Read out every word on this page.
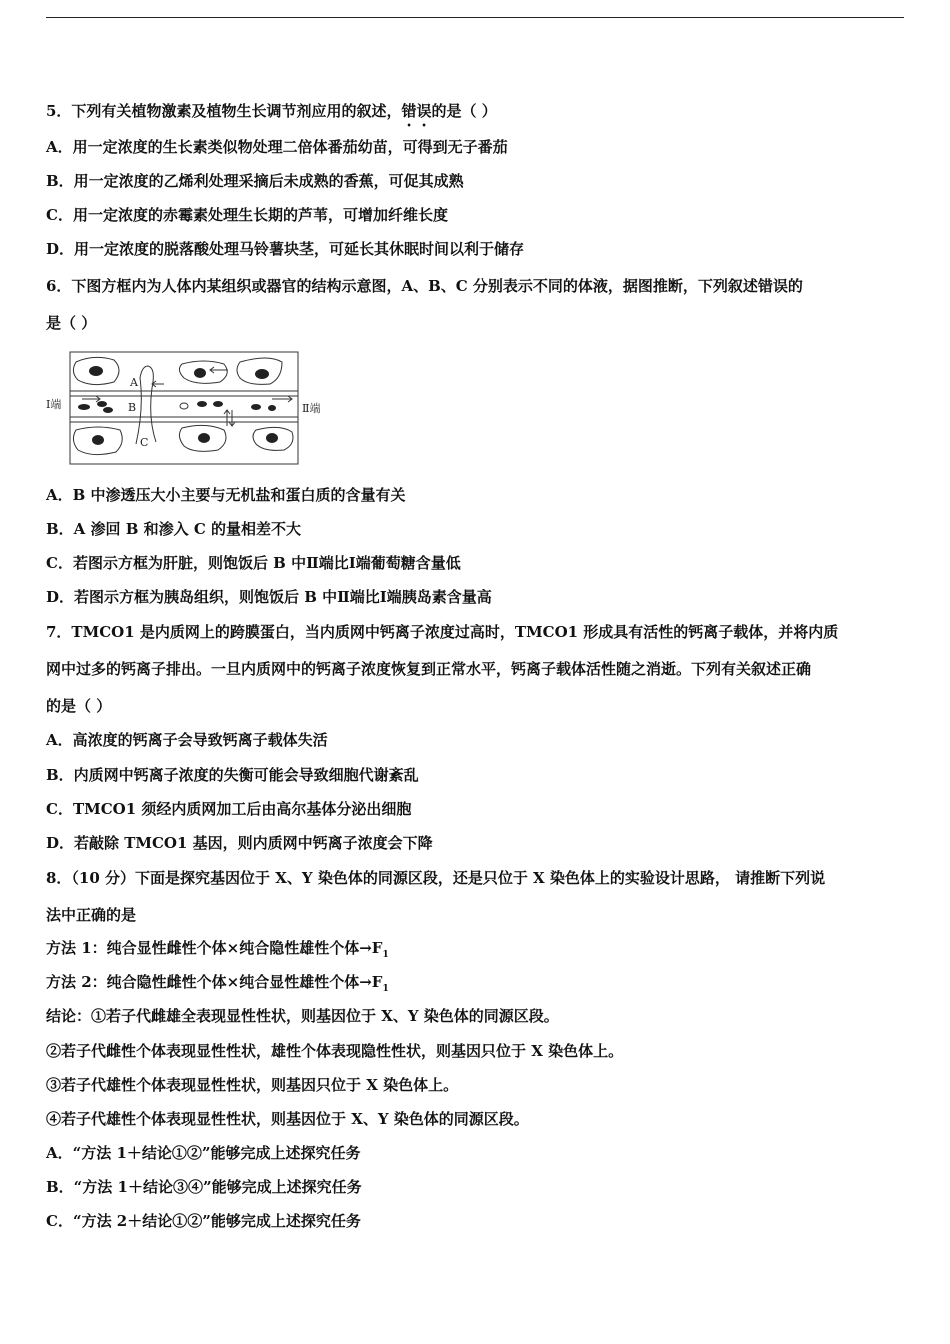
5．下列有关植物激素及植物生长调节剂应用的叙述，错误的是（ ）
A．用一定浓度的生长素类似物处理二倍体番茄幼苗，可得到无子番茄
B．用一定浓度的乙烯利处理采摘后未成熟的香蕉，可促其成熟
C．用一定浓度的赤霉素处理生长期的芦苇，可增加纤维长度
D．用一定浓度的脱落酸处理马铃薯块茎，可延长其休眠时间以利于储存
6．下图方框内为人体内某组织或器官的结构示意图，A、B、C 分别表示不同的体液，据图推断，下列叙述错误的
是（ ）
Ⅰ端	Ⅱ端
A
B
C
A．B 中渗透压大小主要与无机盐和蛋白质的含量有关
B．A 渗回 B 和渗入 C 的量相差不大
C．若图示方框为肝脏，则饱饭后 B 中Ⅱ端比Ⅰ端葡萄糖含量低
D．若图示方框为胰岛组织，则饱饭后 B 中Ⅱ端比Ⅰ端胰岛素含量高
7．TMCO1 是内质网上的跨膜蛋白，当内质网中钙离子浓度过高时，TMCO1 形成具有活性的钙离子载体，并将内质
网中过多的钙离子排出。一旦内质网中的钙离子浓度恢复到正常水平，钙离子载体活性随之消逝。下列有关叙述正确
的是（ ）
A．高浓度的钙离子会导致钙离子载体失活
B．内质网中钙离子浓度的失衡可能会导致细胞代谢紊乱
C．TMCO1 须经内质网加工后由高尔基体分泌出细胞
D．若敲除 TMCO1 基因，则内质网中钙离子浓度会下降
8．（10 分）下面是探究基因位于 X、Y 染色体的同源区段，还是只位于 X 染色体上的实验设计思路， 请推断下列说
法中正确的是
方法 1：纯合显性雌性个体×纯合隐性雄性个体$\to F_1$
方法 2：纯合隐性雌性个体×纯合显性雄性个体$\to F_1$
结论：①若子代雌雄全表现显性性状，则基因位于 X、Y 染色体的同源区段。
②若子代雌性个体表现显性性状，雄性个体表现隐性性状，则基因只位于 X 染色体上。
③若子代雄性个体表现显性性状，则基因只位于 X 染色体上。
④若子代雄性个体表现显性性状，则基因位于 X、Y 染色体的同源区段。
A．“方法 1＋结论①②”能够完成上述探究任务
B．“方法 1＋结论③④”能够完成上述探究任务
C．“方法 2＋结论①②”能够完成上述探究任务
